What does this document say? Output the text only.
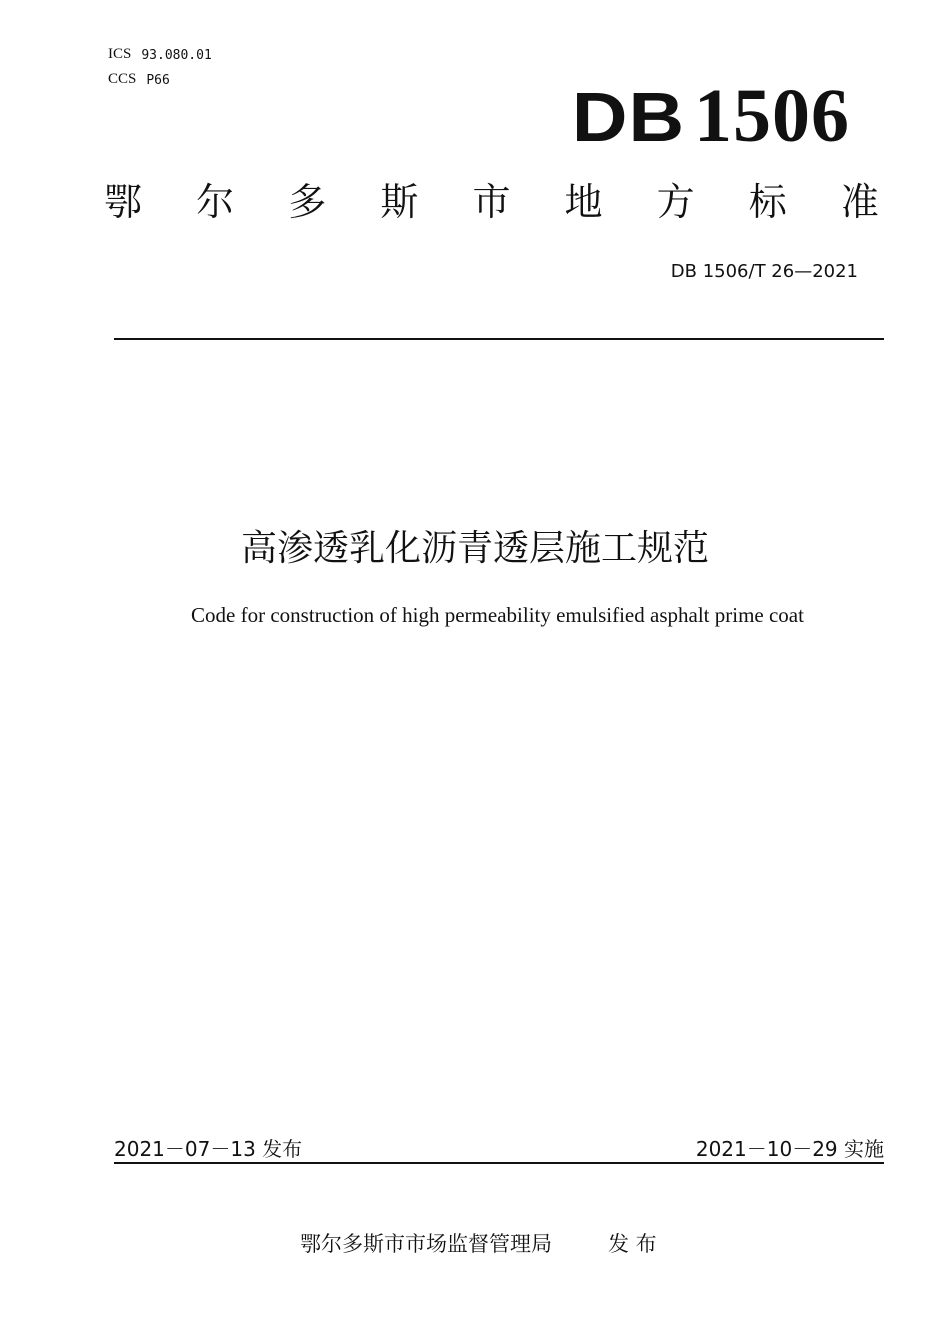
ICS 93.080.01
CCS P66	DB 1506
鄂 尔 多 斯 市 地 方 标 准
DB 1506/T 26—2021
高渗透乳化沥青透层施工规范
Code for construction of high permeability emulsified asphalt prime coat
2021－07－13 发布	2021－10－29 实施
鄂尔多斯市市场监督管理局	发 布
